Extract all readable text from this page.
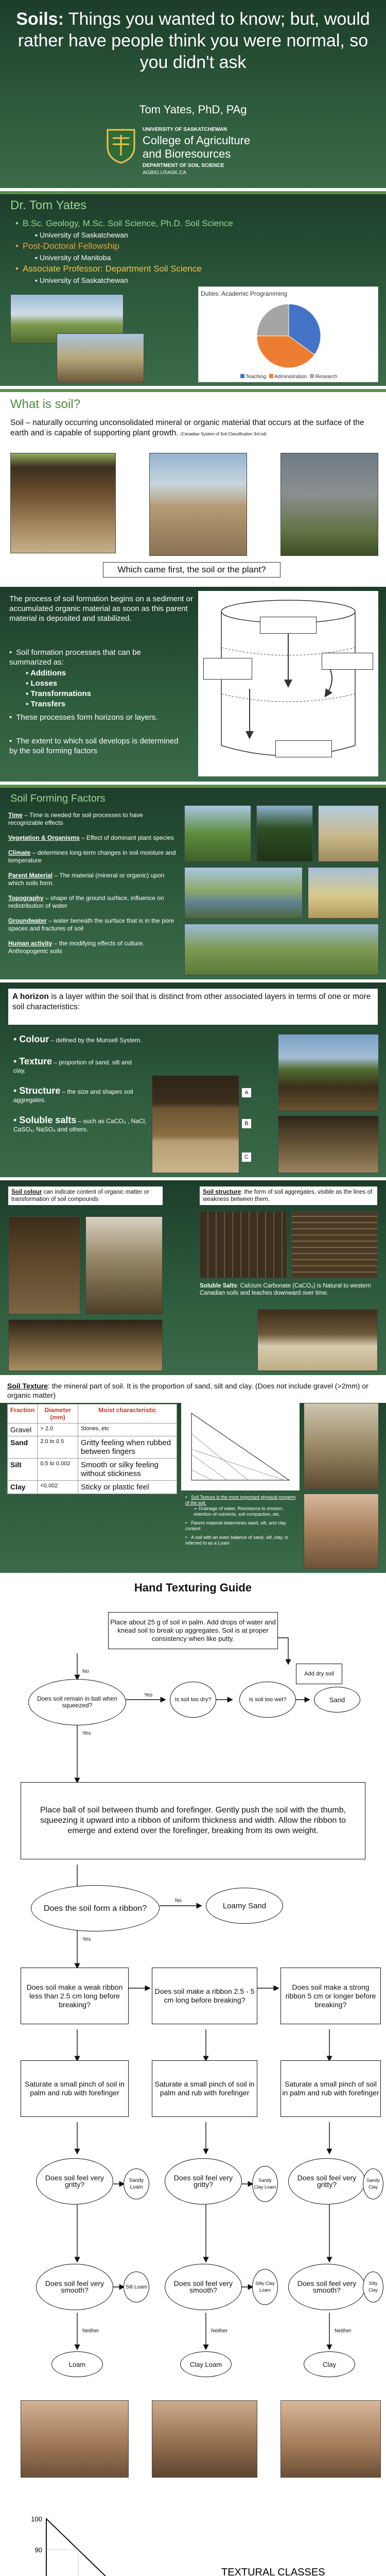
Soils: Things you wanted to know; but, would rather have people think you were normal, so you didn't ask
Tom Yates, PhD, PAg
UNIVERSITY OF SASKATCHEWAN
College of Agriculture
and Bioresources
DEPARTMENT OF SOIL SCIENCE
AGBIO.USASK.CA
Dr. Tom Yates
• B.Sc. Geology, M.Sc. Soil Science, Ph.D. Soil Science
▪ University of Saskatchewan
• Post-Doctoral Fellowship
▪ University of Manitoba
• Associate Professor: Department Soil Science
▪ University of Saskatchewan
Duties: Academic Programming
Teaching Administration Research
What is soil?
Soil – naturally occurring unconsolidated mineral or organic material that occurs at the surface of the earth and is capable of supporting plant growth. (Canadian System of Soil Classification 3rd ed)
Which came first, the soil or the plant?
The process of soil formation begins on a sediment or accumulated organic material as soon as this parent material is deposited and stabilized.
• Soil formation processes that can be summarized as:
▪ Additions
▪ Losses
▪ Transformations
▪ Transfers
• These processes form horizons or layers.
• The extent to which soil develops is determined by the soil forming factors
Additions
Organic materials added above and below surface
Transfers
Organic and mineral materials moved from one layer to another
Transformations
Minerals and organic matter changed within soil
Losses
Materials removed by leaching
Soil Forming Factors
Time – Time is needed for soil processes to have recognizable effects
Vegetation & Organisms – Effect of dominant plant species
Climate – determines long-term changes in soil moisture and temperature
Parent Material – The material (mineral or organic) upon which soils form.
Topography – shape of the ground surface, influence on redistribution of water
Groundwater – water beneath the surface that is in the pore spaces and fractures of soil
Human activity – the modifying effects of culture. Anthropogenic soils
A horizon is a layer within the soil that is distinct from other associated layers in terms of one or more soil characteristics:
• Colour – defined by the Munsell System.
• Texture – proportion of sand, silt and clay.
• Structure – the size and shapes soil aggregates.
• Soluble salts – such as CaCO₃ , NaCl, CaSO₄, NaSO₄ and others.
A
B
C
Soil colour can indicate content of organic matter or transformation of soil compounds
Soil structure: the form of soil aggregates, visible as the lines of weakness between them.
Soluble Salts: Calcium Carbonate (CaCO₃) is Natural to western Canadian soils and leaches downward over time.
Soil Texture: the mineral part of soil. It is the proportion of sand, silt and clay. (Does not include gravel (>2mm) or organic matter)
Fraction	Diameter (mm)	Moist characteristic
Gravel	> 2.0	Stones, etc
Sand	2.0 to 0.5	Gritty feeling when rubbed between fingers
Silt	0.5 to 0.002	Smooth or silky feeling without stickiness
Clay	<0.002	Sticky or plastic feel
TEXTURAL CLASSES
• Soil Texture is the most important physical property of the soil.
➢ Drainage of water, Resistance to erosion, retention of nutrients, soil compaction, etc.
• Parent material determines sand, silt, and clay content
• A soil with an even balance of sand, silt, clay, is referred to as a Loam
Hand Texturing Guide
Place about 25 g of soil in palm. Add drops of water and knead soil to break up aggregates. Soil is at proper consistency when like putty.
Add dry soil
Does soil remain in ball when squeezed?
Is soil too dry?	Is soil too wet?	Sand
Place ball of soil between thumb and forefinger. Gently push the soil with the thumb, squeezing it upward into a ribbon of uniform thickness and width. Allow the ribbon to emerge and extend over the forefinger, breaking from its own weight.
Does the soil form a ribbon?	Loamy Sand
Does soil make a weak ribbon less than 2.5 cm long before breaking?
Does soil make a ribbon 2.5 - 5 cm long before breaking?
Does soil make a strong ribbon 5 cm or longer before breaking?
Saturate a small pinch of soil in palm and rub with forefinger
Saturate a small pinch of soil in palm and rub with forefinger
Saturate a small pinch of soil in palm and rub with forefinger
Does soil feel very gritty?	Sandy Loam
Does soil feel very gritty?	Sandy Clay Loam
Does soil feel very gritty?	Sandy Clay
Does soil feel very smooth?	Silt Loam	Does soil feel very smooth?
Silty Clay Loam
Does soil feel very smooth?
Silty Clay
Loam	Clay Loam	Clay
Yes
No
Yes
No
Yes
Neither	Neither	Neither
TEXTURAL CLASSES
100
90
